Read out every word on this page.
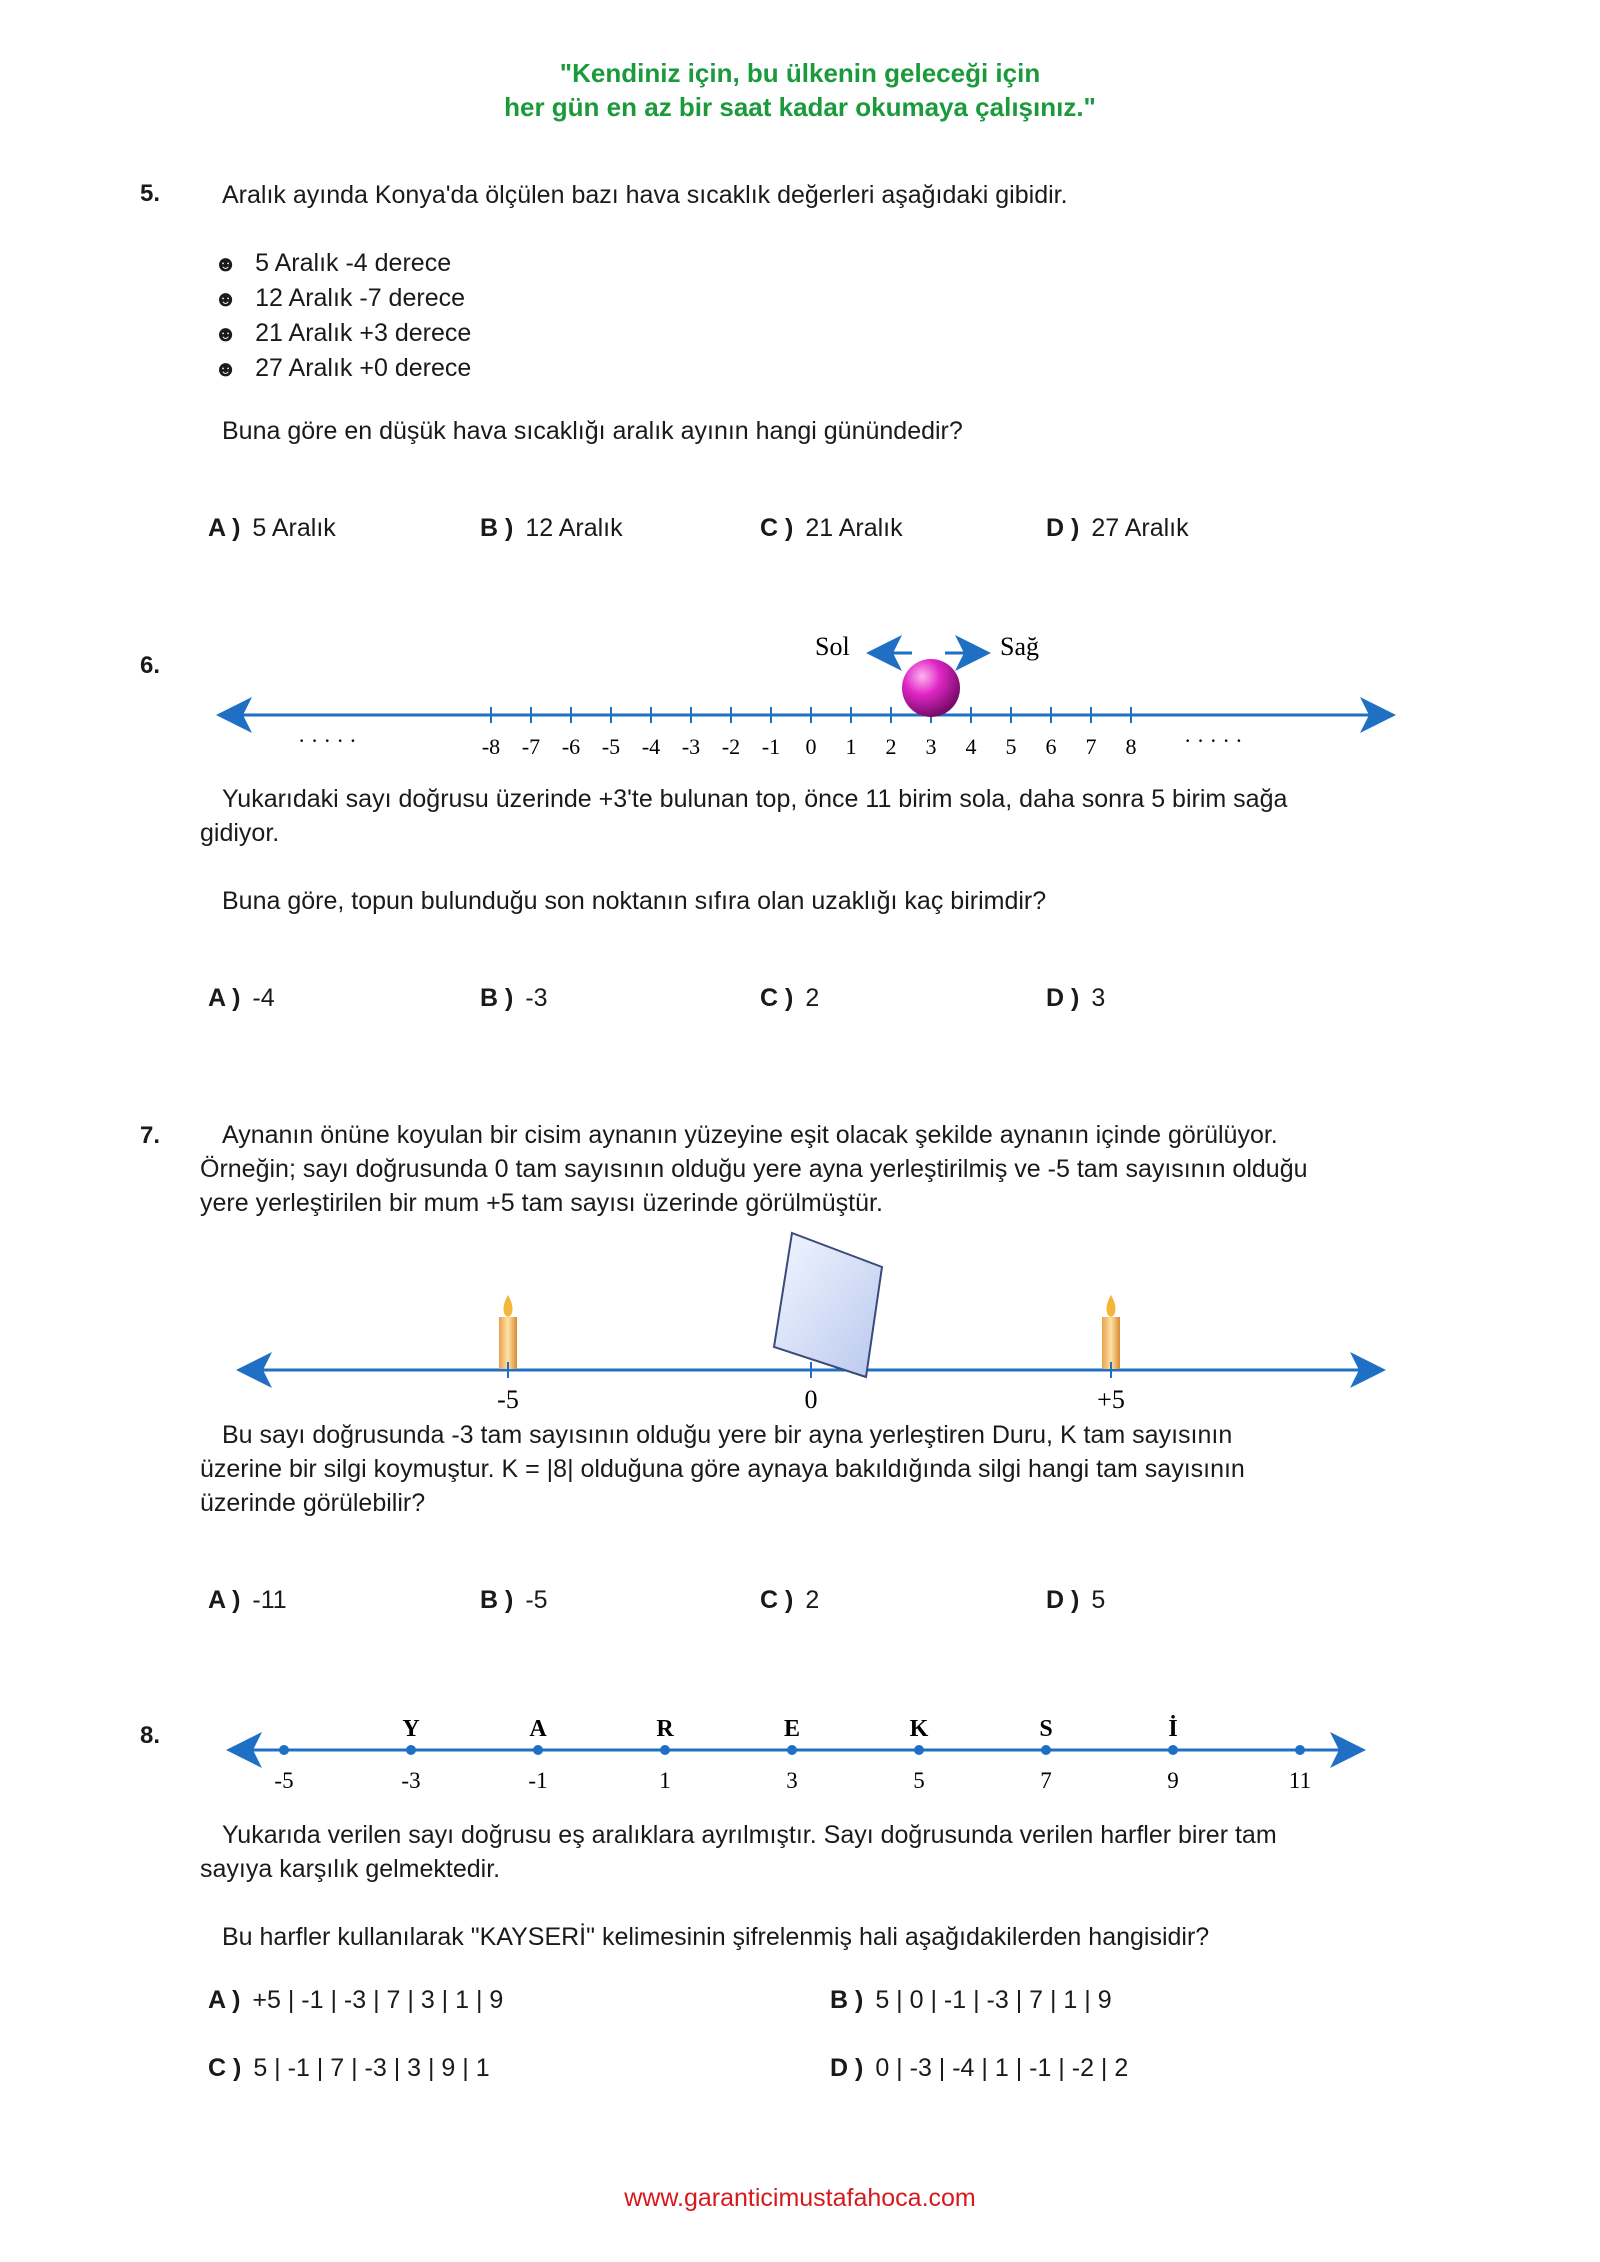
"Kendiniz için, bu ülkenin geleceği için
her gün en az bir saat kadar okumaya çalışınız."
5. Aralık ayında Konya'da ölçülen bazı hava sıcaklık değerleri aşağıdaki gibidir.
☻ 5 Aralık -4 derece
☻ 12 Aralık -7 derece
☻ 21 Aralık +3 derece
☻ 27 Aralık +0 derece
Buna göre en düşük hava sıcaklığı aralık ayının hangi günündedir?
A ) 5 Aralık	B ) 12 Aralık	C ) 21 Aralık	D ) 27 Aralık
6.
-8 -7 -6 -5 -4 -3 -2 -1 0 1 2 3 4 5 6 7 8
· · · · ·	· · · · ·
Sol	Sağ
Yukarıdaki sayı doğrusu üzerinde +3'te bulunan top, önce 11 birim sola, daha sonra 5 birim sağa
gidiyor.
Buna göre, topun bulunduğu son noktanın sıfıra olan uzaklığı kaç birimdir?
A ) -4	B ) -3	C ) 2	D ) 3
7. Aynanın önüne koyulan bir cisim aynanın yüzeyine eşit olacak şekilde aynanın içinde görülüyor.
Örneğin; sayı doğrusunda 0 tam sayısının olduğu yere ayna yerleştirilmiş ve -5 tam sayısının olduğu
yere yerleştirilen bir mum +5 tam sayısı üzerinde görülmüştür.
-5	0	+5
Bu sayı doğrusunda -3 tam sayısının olduğu yere bir ayna yerleştiren Duru, K tam sayısının
üzerine bir silgi koymuştur. K = |8| olduğuna göre aynaya bakıldığında silgi hangi tam sayısının
üzerinde görülebilir?
A ) -11	B ) -5	C ) 2	D ) 5
8.
-5	-3
Y
-1
A
1
R
3
E
5
K
7
S
9
İ
11
Yukarıda verilen sayı doğrusu eş aralıklara ayrılmıştır. Sayı doğrusunda verilen harfler birer tam
sayıya karşılık gelmektedir.
Bu harfler kullanılarak "KAYSERİ" kelimesinin şifrelenmiş hali aşağıdakilerden hangisidir?
A ) +5 | -1 | -3 | 7 | 3 | 1 | 9	B ) 5 | 0 | -1 | -3 | 7 | 1 | 9
C ) 5 | -1 | 7 | -3 | 3 | 9 | 1	D ) 0 | -3 | -4 | 1 | -1 | -2 | 2
www.garanticimustafahoca.com
